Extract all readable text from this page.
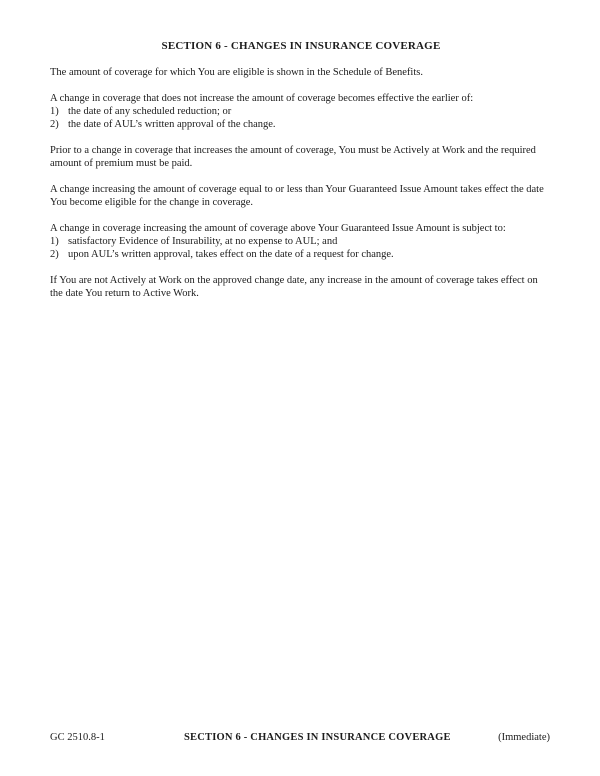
SECTION 6 - CHANGES IN INSURANCE COVERAGE

The amount of coverage for which You are eligible is shown in the Schedule of Benefits.

A change in coverage that does not increase the amount of coverage becomes effective the earlier of:

1) the date of any scheduled reduction; or
2) the date of AUL’s written approval of the change.

Prior to a change in coverage that increases the amount of coverage, You must be Actively at Work and the required amount of premium must be paid.

A change increasing the amount of coverage equal to or less than Your Guaranteed Issue Amount takes effect the date You become eligible for the change in coverage.

A change in coverage increasing the amount of coverage above Your Guaranteed Issue Amount is subject to:

1) satisfactory Evidence of Insurability, at no expense to AUL; and
2) upon AUL’s written approval, takes effect on the date of a request for change.

If You are not Actively at Work on the approved change date, any increase in the amount of coverage takes effect on the date You return to Active Work.

GC 2510.8-1	SECTION 6 - CHANGES IN INSURANCE COVERAGE	(Immediate)
